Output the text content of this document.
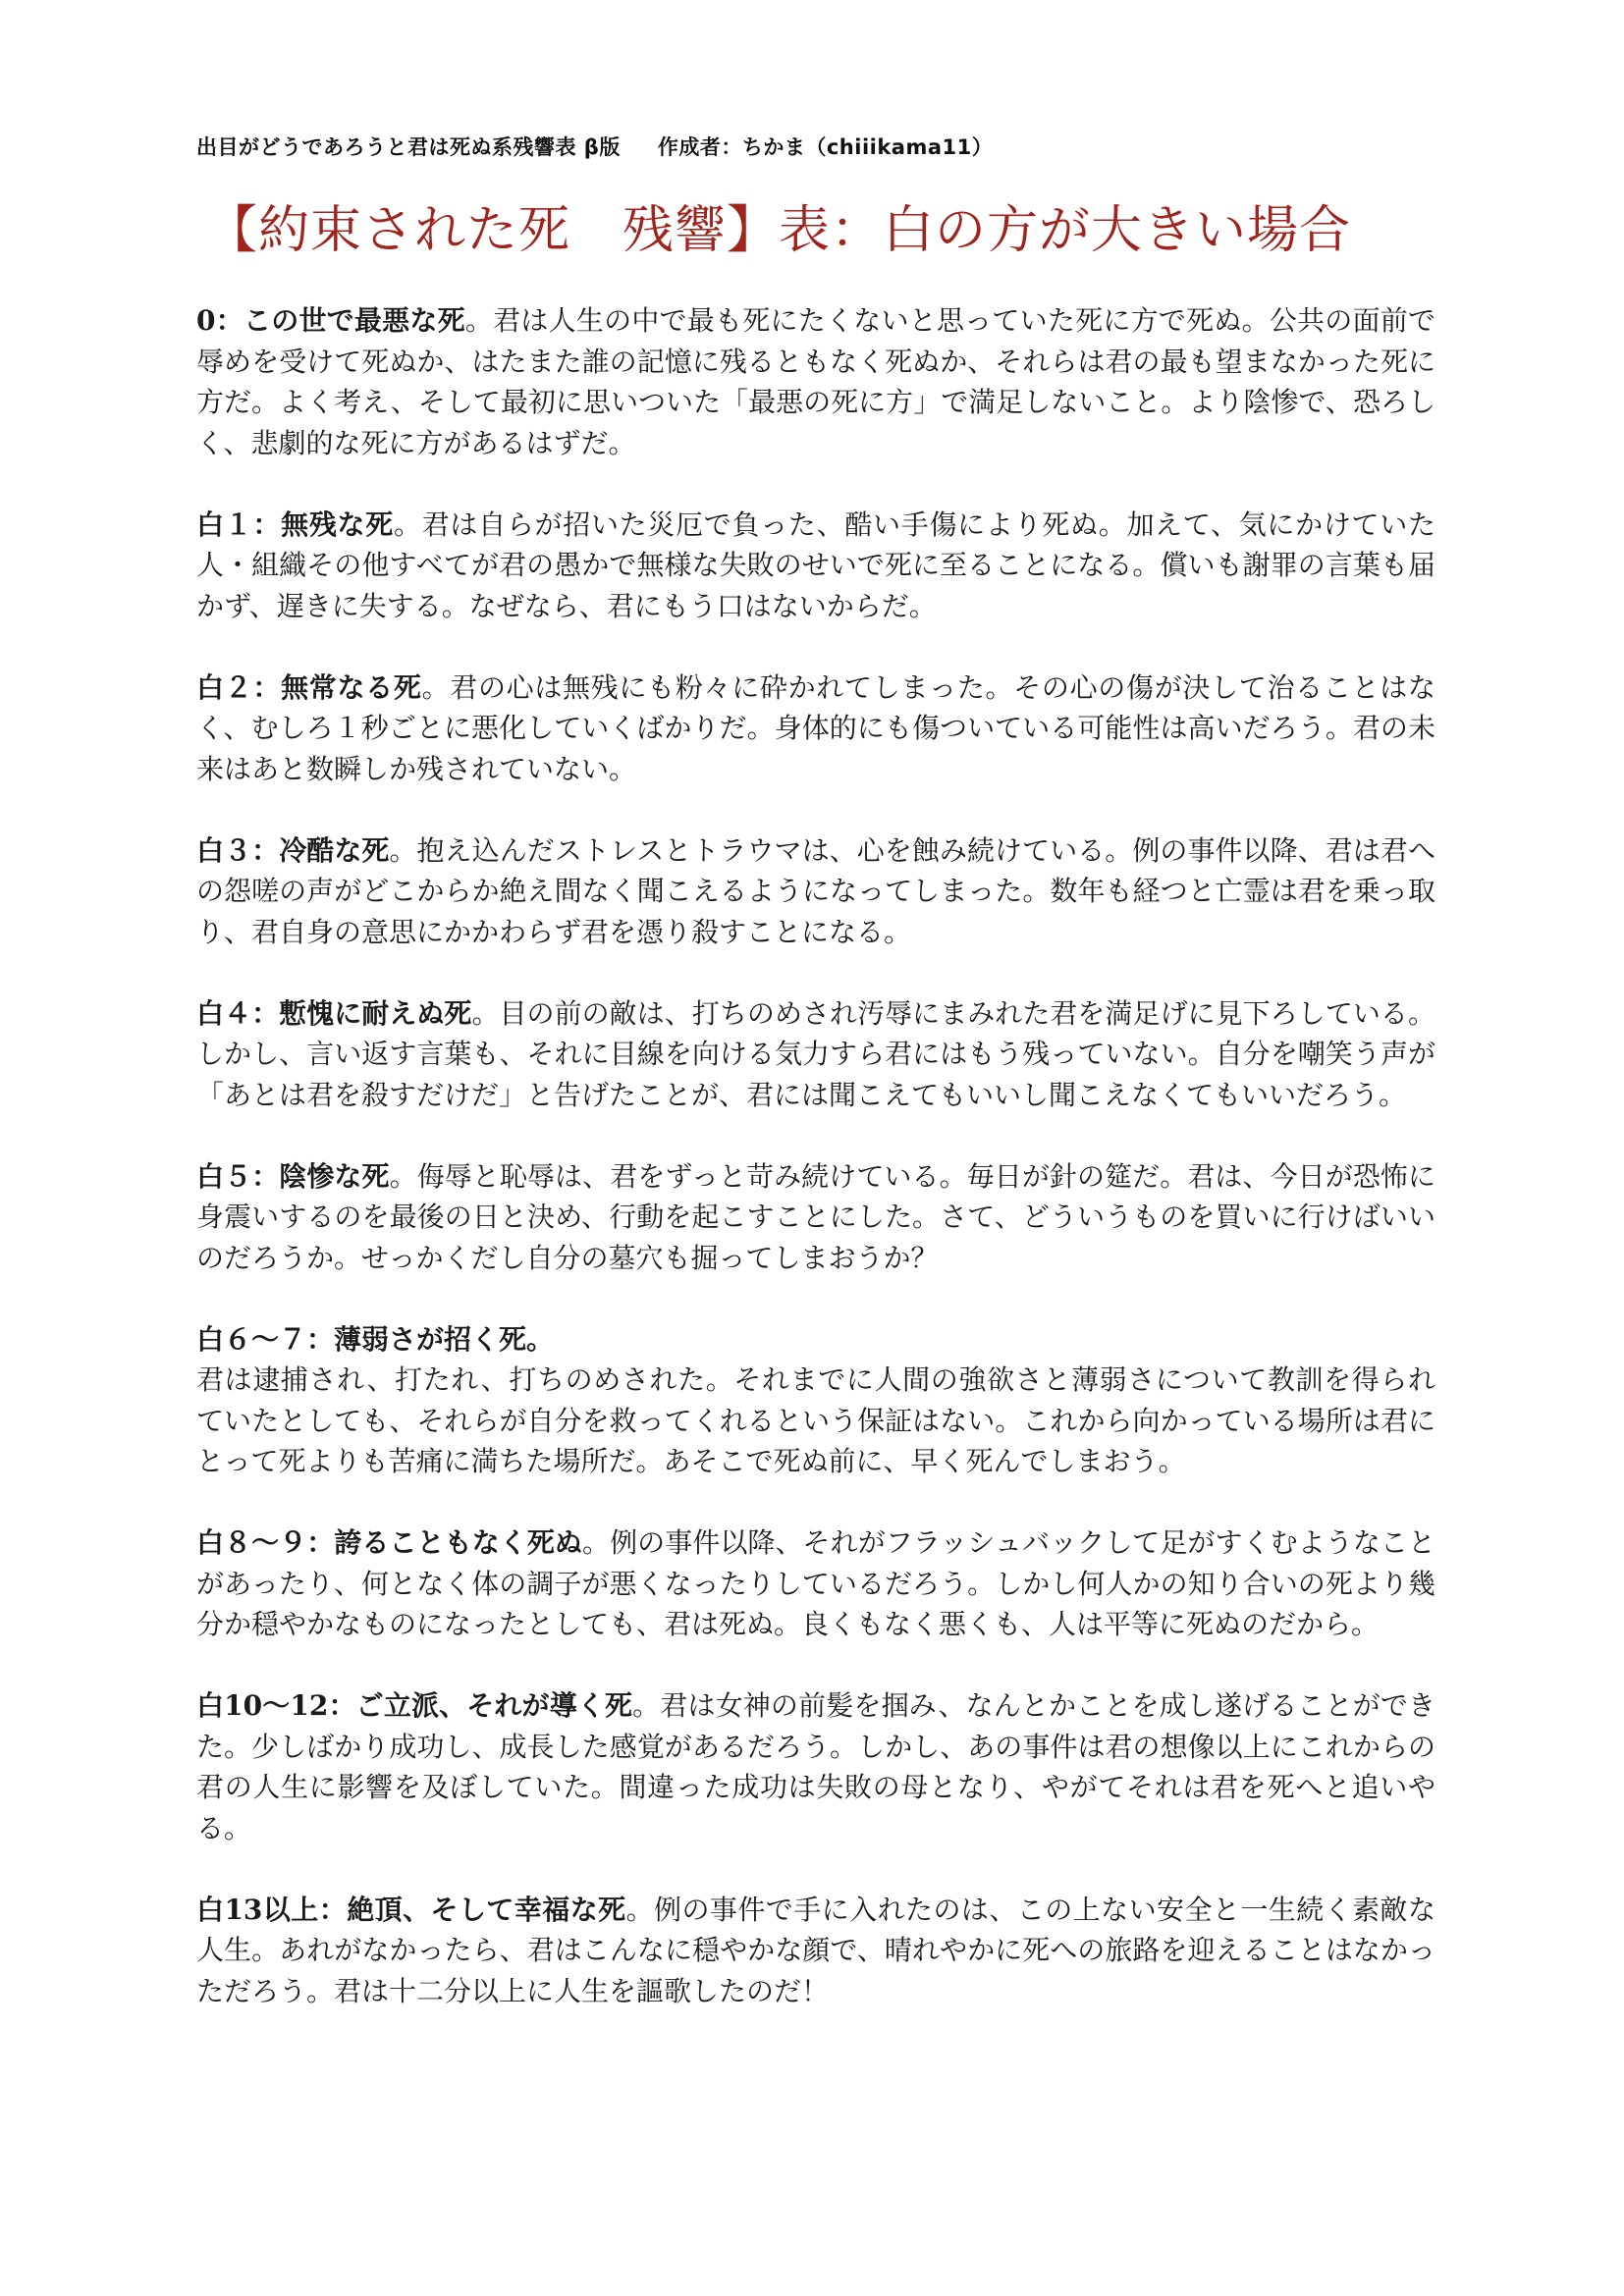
出目がどうであろうと君は死ぬ系残響表 β版 作成者：ちかま（chiiikama11）
【約束された死　残響】表：白の方が大きい場合

0：この世で最悪な死。君は人生の中で最も死にたくないと思っていた死に方で死ぬ。公共の面前で辱めを受けて死ぬか、はたまた誰の記憶に残るともなく死ぬか、それらは君の最も望まなかった死に方だ。よく考え、そして最初に思いついた「最悪の死に方」で満足しないこと。より陰惨で、恐ろしく、悲劇的な死に方があるはずだ。

白１：無残な死。君は自らが招いた災厄で負った、酷い手傷により死ぬ。加えて、気にかけていた人・組織その他すべてが君の愚かで無様な失敗のせいで死に至ることになる。償いも謝罪の言葉も届かず、遅きに失する。なぜなら、君にもう口はないからだ。

白２：無常なる死。君の心は無残にも粉々に砕かれてしまった。その心の傷が決して治ることはなく、むしろ１秒ごとに悪化していくばかりだ。身体的にも傷ついている可能性は高いだろう。君の未来はあと数瞬しか残されていない。

白３：冷酷な死。抱え込んだストレスとトラウマは、心を蝕み続けている。例の事件以降、君は君への怨嗟の声がどこからか絶え間なく聞こえるようになってしまった。数年も経つと亡霊は君を乗っ取り、君自身の意思にかかわらず君を憑り殺すことになる。

白４：慙愧に耐えぬ死。目の前の敵は、打ちのめされ汚辱にまみれた君を満足げに見下ろしている。しかし、言い返す言葉も、それに目線を向ける気力すら君にはもう残っていない。自分を嘲笑う声が「あとは君を殺すだけだ」と告げたことが、君には聞こえてもいいし聞こえなくてもいいだろう。

白５：陰惨な死。侮辱と恥辱は、君をずっと苛み続けている。毎日が針の筵だ。君は、今日が恐怖に身震いするのを最後の日と決め、行動を起こすことにした。さて、どういうものを買いに行けばいいのだろうか。せっかくだし自分の墓穴も掘ってしまおうか？

白６〜７：薄弱さが招く死。
君は逮捕され、打たれ、打ちのめされた。それまでに人間の強欲さと薄弱さについて教訓を得られていたとしても、それらが自分を救ってくれるという保証はない。これから向かっている場所は君にとって死よりも苦痛に満ちた場所だ。あそこで死ぬ前に、早く死んでしまおう。

白８〜９：誇ることもなく死ぬ。例の事件以降、それがフラッシュバックして足がすくむようなことがあったり、何となく体の調子が悪くなったりしているだろう。しかし何人かの知り合いの死より幾分か穏やかなものになったとしても、君は死ぬ。良くもなく悪くも、人は平等に死ぬのだから。

白10〜12：ご立派、それが導く死。君は女神の前髪を掴み、なんとかことを成し遂げることができた。少しばかり成功し、成長した感覚があるだろう。しかし、あの事件は君の想像以上にこれからの君の人生に影響を及ぼしていた。間違った成功は失敗の母となり、やがてそれは君を死へと追いやる。

白13以上：絶頂、そして幸福な死。例の事件で手に入れたのは、この上ない安全と一生続く素敵な人生。あれがなかったら、君はこんなに穏やかな顔で、晴れやかに死への旅路を迎えることはなかっただろう。君は十二分以上に人生を謳歌したのだ！
